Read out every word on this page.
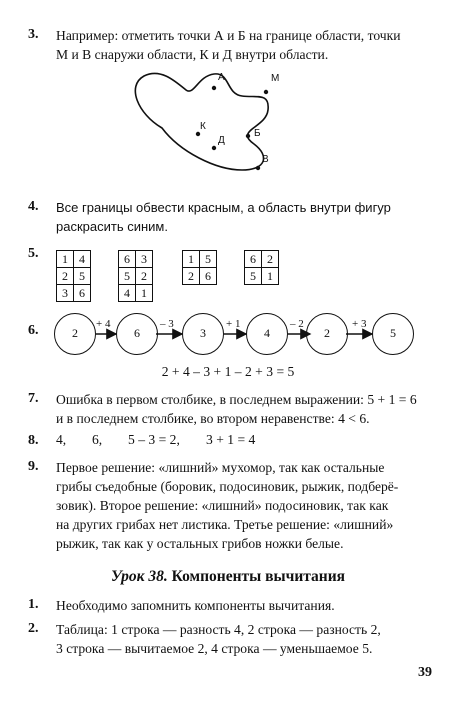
3. Например: отметить точки А и Б на границе области, точки
М и В снаружи области, К и Д внутри области.
А	М
К
Д
Б
В
4. Все границы обвести красным, а область внутри фигур
раскрасить синим.
5. 1	4
2	5
3	6
6	3
5	2
4	1
1	5
2	6
6	2
5	1
6.	2	6	3	4	2	5
+ 4	– 3	+ 1	– 2	+ 3
2 + 4 – 3 + 1 – 2 + 3 = 5
7. Ошибка в первом столбике, в последнем выражении: 5 + 1 = 6
и в последнем столбике, во втором неравенстве: 4 < 6.
8. 4, 6, 5 – 3 = 2, 3 + 1 = 4
9. Первое решение: «лишний» мухомор, так как остальные
грибы съедобные (боровик, подосиновик, рыжик, подберё-
зовик). Второе решение: «лишний» подосиновик, так как
на других грибах нет листика. Третье решение: «лишний»
рыжик, так как у остальных грибов ножки белые.
Урок 38. Компоненты вычитания
1. Необходимо запомнить компоненты вычитания.
2. Таблица: 1 строка — разность 4, 2 строка — разность 2,
3 строка — вычитаемое 2, 4 строка — уменьшаемое 5.
39
